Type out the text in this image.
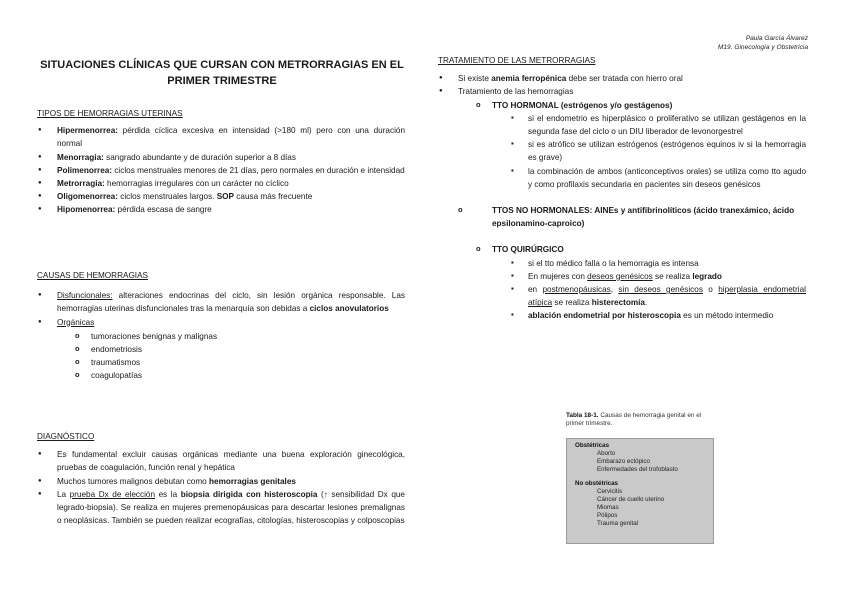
Paula García Álvarez
M19. Ginecología y Obstetricia
SITUACIONES CLÍNICAS QUE CURSAN CON METRORRAGIAS EN EL PRIMER TRIMESTRE
TIPOS DE HEMORRAGIAS UTERINAS
● Hipermenorrea: pérdida cíclica excesiva en intensidad (>180 ml) pero con una duración normal
● Menorragia: sangrado abundante y de duración superior a 8 días
● Polimenorrea: ciclos menstruales menores de 21 días, pero normales en duración e intensidad
● Metrorragia: hemorragias irregulares con un carácter no cíclico
● Oligomenorrea: ciclos menstruales largos. SOP causa más frecuente
● Hipomenorrea: pérdida escasa de sangre
CAUSAS DE HEMORRAGIAS
● Disfuncionales: alteraciones endocrinas del ciclo, sin lesión orgánica responsable. Las hemorragias uterinas disfuncionales tras la menarquía son debidas a ciclos anovulatorios
● Orgánicas
o tumoraciones benignas y malignas
o endometriosis
o traumatismos
o coagulopatías
DIAGNÓSTICO
● Es fundamental excluir causas orgánicas mediante una buena exploración ginecológica, pruebas de coagulación, función renal y hepática
● Muchos tumores malignos debutan como hemorragias genitales
● La prueba Dx de elección es la biopsia dirigida con histeroscopia (↑ sensibilidad Dx que legrado-biopsia). Se realiza en mujeres premenopáusicas para descartar lesiones premalignas o neoplásicas. También se pueden realizar ecografías, citologías, histeroscopias y colposcopias
TRATAMIENTO DE LAS METRORRAGIAS
● Si existe anemia ferropénica debe ser tratada con hierro oral
● Tratamiento de las hemorragias
o TTO HORMONAL (estrógenos y/o gestágenos)
▪ si el endometrio es hiperplásico o proliferativo se utilizan gestágenos en la segunda fase del ciclo o un DIU liberador de levonorgestrel
▪ si es atrófico se utilizan estrógenos (estrógenos equinos iv si la hemorragia es grave)
▪ la combinación de ambos (anticonceptivos orales) se utiliza como tto agudo y como profilaxis secundaria en pacientes sin deseos genésicos
o TTOS NO HORMONALES: AINEs y antifibrinolíticos (ácido tranexámico, ácido epsilonamino-caproico)
o TTO QUIRÚRGICO
▪ si el tto médico falla o la hemorragia es intensa
▪ En mujeres con deseos genésicos se realiza legrado
▪ en postmenopáusicas, sin deseos genésicos o hiperplasia endometrial atípica se realiza histerectomía.
▪ ablación endometrial por histeroscopia es un método intermedio
Tabla 18-1. Causas de hemorragia genital en el primer trimestre.
Obstétricas
Aborto
Embarazo ectópico
Enfermedades del trofoblasto
No obstétricas
Cervicitis
Cáncer de cuello uterino
Miomas
Pólipos
Trauma genital
